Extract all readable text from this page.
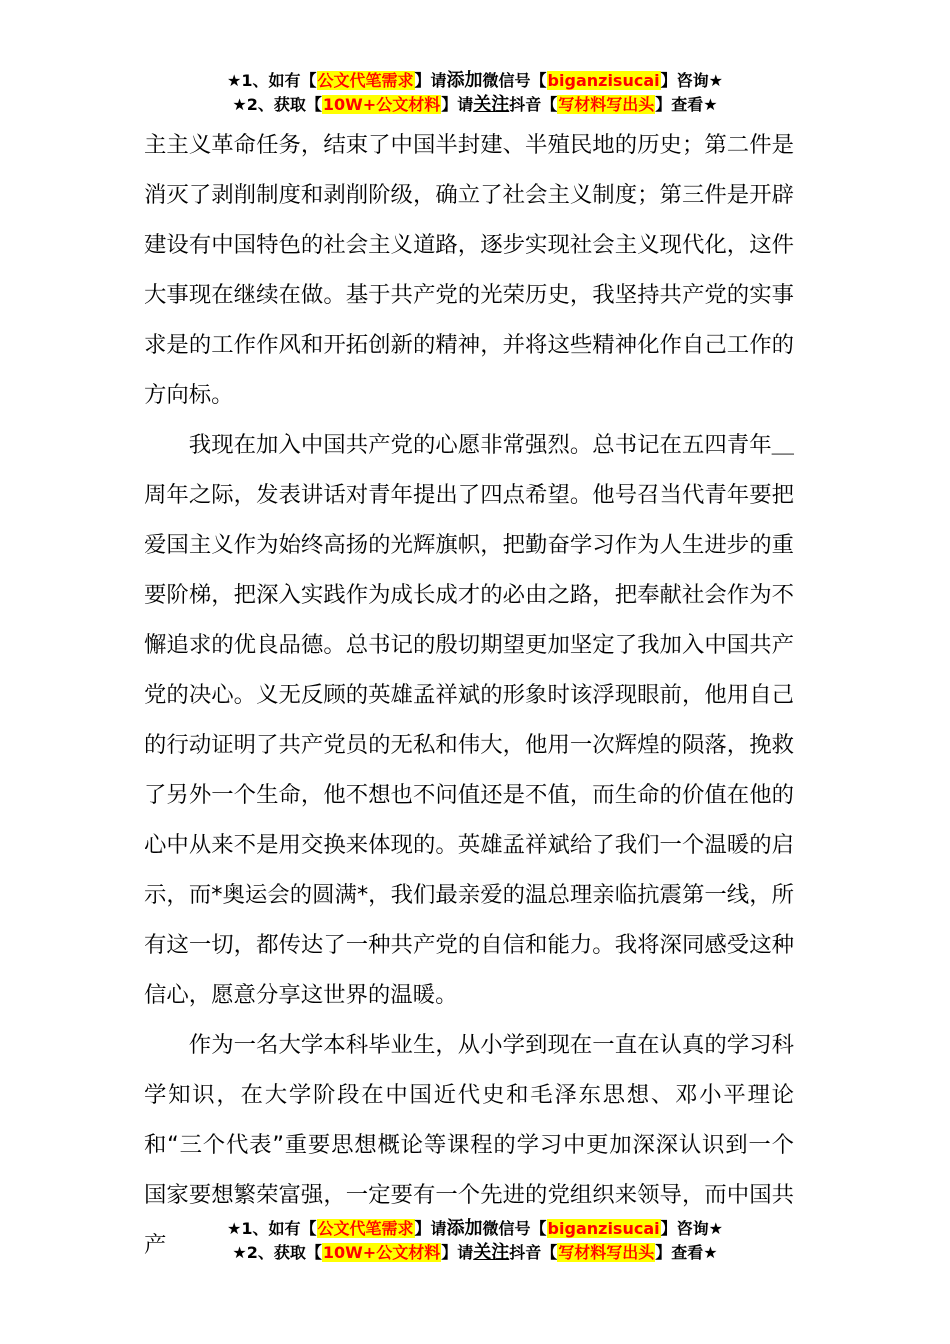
★1、如有【公文代笔需求】请添加微信号【biganzisucai】咨询★
★2、获取【10W+公文材料】请关注抖音【写材料写出头】查看★

主主义革命任务，结束了中国半封建、半殖民地的历史；第二件是消灭了剥削制度和剥削阶级，确立了社会主义制度；第三件是开辟建设有中国特色的社会主义道路，逐步实现社会主义现代化，这件大事现在继续在做。基于共产党的光荣历史，我坚持共产党的实事求是的工作作风和开拓创新的精神，并将这些精神化作自己工作的方向标。

我现在加入中国共产党的心愿非常强烈。总书记在五四青年＿周年之际，发表讲话对青年提出了四点希望。他号召当代青年要把爱国主义作为始终高扬的光辉旗帜，把勤奋学习作为人生进步的重要阶梯，把深入实践作为成长成才的必由之路，把奉献社会作为不懈追求的优良品德。总书记的殷切期望更加坚定了我加入中国共产党的决心。义无反顾的英雄孟祥斌的形象时该浮现眼前，他用自己的行动证明了共产党员的无私和伟大，他用一次辉煌的陨落，挽救了另外一个生命，他不想也不问值还是不值，而生命的价值在他的心中从来不是用交换来体现的。英雄孟祥斌给了我们一个温暖的启示，而*奥运会的圆满*，我们最亲爱的温总理亲临抗震第一线，所有这一切，都传达了一种共产党的自信和能力。我将深同感受这种信心，愿意分享这世界的温暖。

作为一名大学本科毕业生，从小学到现在一直在认真的学习科学知识，在大学阶段在中国近代史和毛泽东思想、邓小平理论和“三个代表”重要思想概论等课程的学习中更加深深认识到一个国家要想繁荣富强，一定要有一个先进的党组织来领导，而中国共产

★1、如有【公文代笔需求】请添加微信号【biganzisucai】咨询★
★2、获取【10W+公文材料】请关注抖音【写材料写出头】查看★
